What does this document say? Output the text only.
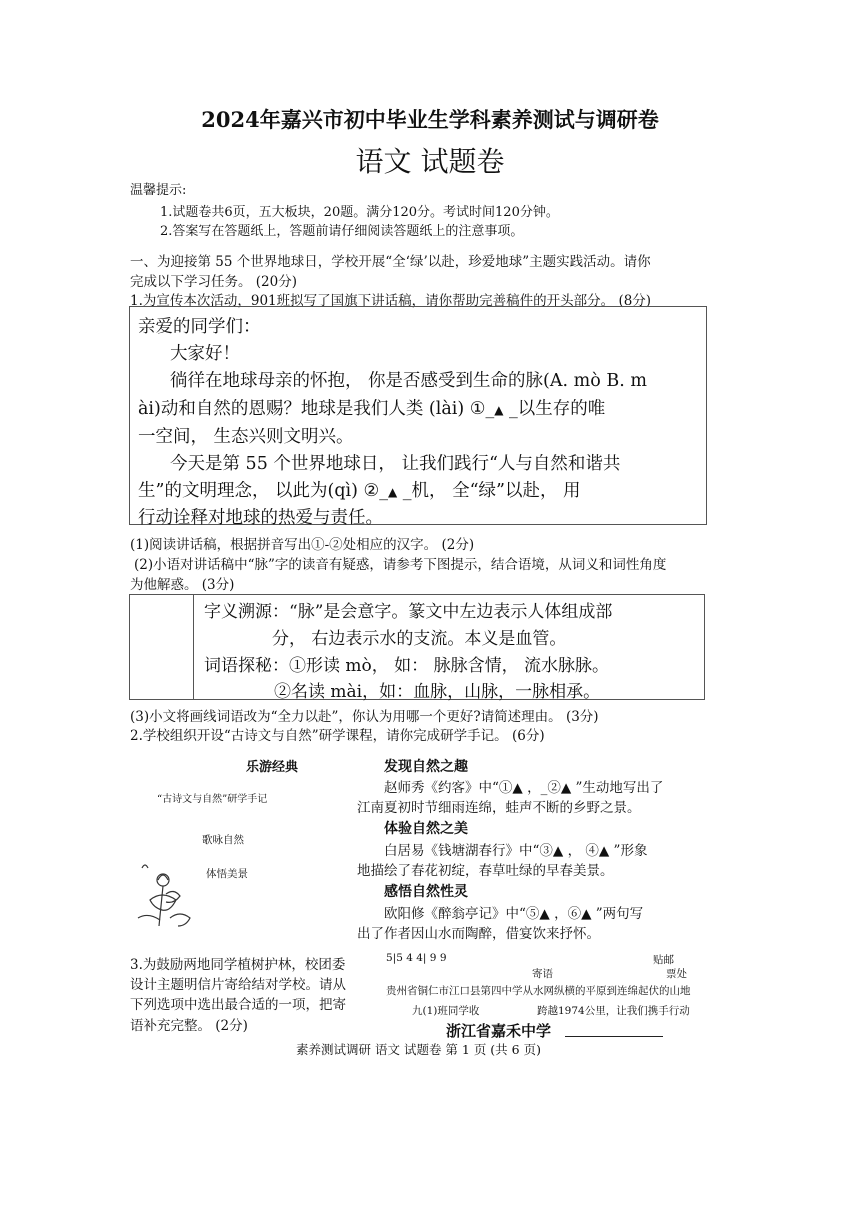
2024年嘉兴市初中毕业生学科素养测试与调研卷
语文 试题卷
温馨提示:
1.试题卷共6页，五大板块，20题。满分120分。考试时间120分钟。
2.答案写在答题纸上，答题前请仔细阅读答题纸上的注意事项。
一、为迎接第 55 个世界地球日，学校开展“全‘绿’以赴，珍爱地球”主题实践活动。请你
完成以下学习任务。 (20分)
1.为宣传本次活动，901班拟写了国旗下讲话稿，请你帮助完善稿件的开头部分。 (8分)
亲爱的同学们：
大家好！
徜徉在地球母亲的怀抱， 你是否感受到生命的脉(A. mò B. m
ài)动和自然的恩赐？地球是我们人类 (lài) ①_▲ _以生存的唯
一空间， 生态兴则文明兴。
今天是第 55 个世界地球日， 让我们践行“人与自然和谐共
生”的文明理念， 以此为(qì) ②_▲ _机， 全“绿”以赴， 用
行动诠释对地球的热爱与责任。
(1)阅读讲话稿，根据拼音写出①-②处相应的汉字。 (2分)
(2)小语对讲话稿中“脉”字的读音有疑惑，请参考下图提示，结合语境，从词义和词性角度
为他解惑。 (3分)
字义溯源：“脉”是会意字。篆文中左边表示人体组成部
分， 右边表示水的支流。本义是血管。
词语探秘：①形读 mò， 如： 脉脉含情， 流水脉脉。
②名读 mài，如：血脉，山脉，一脉相承。
(3)小文将画线词语改为“全力以赴”，你认为用哪一个更好?请简述理由。 (3分)
2.学校组织开设“古诗文与自然”研学课程，请你完成研学手记。 (6分)
乐游经典
“古诗文与自然”研学手记
歌咏自然
体悟美景
发现自然之趣
赵师秀《约客》中“①▲ ，_②▲ ”生动地写出了
江南夏初时节细雨连绵，蛙声不断的乡野之景。
体验自然之美
白居易《钱塘湖春行》中“③▲ ， ④▲ ”形象
地描绘了春花初绽，春草吐绿的早春美景。
感悟自然性灵
欧阳修《醉翁亭记》中“⑤▲ ，⑥▲ ”两句写
出了作者因山水而陶醉，借宴饮来抒怀。
3.为鼓励两地同学植树护林，校团委
设计主题明信片寄给结对学校。请从
下列选项中选出最合适的一项，把寄
语补充完整。 (2分)
5|5 4 4| 9 9	贴邮
寄语	票处
贵州省铜仁市江口县第四中学从水网纵横的平原到连绵起伏的山地
九(1)班同学收	跨越1974公里，让我们携手行动
浙江省嘉禾中学
素养测试调研 语文 试题卷 第 1 页 (共 6 页)
